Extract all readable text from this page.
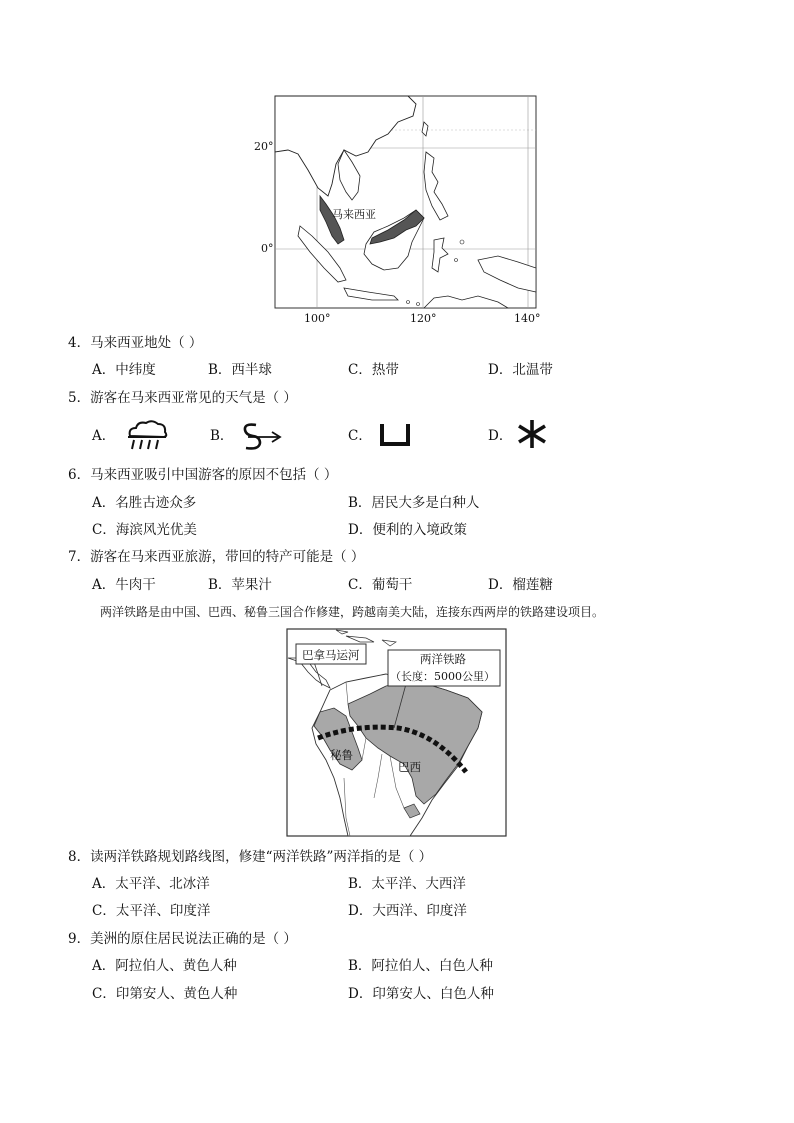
马来西亚
20°
0°
100°	120°	140°
4．马来西亚地处（ ）
A．中纬度	B．西半球	C．热带	D．北温带
5．游客在马来西亚常见的天气是（ ）
A．	B．	C．	D．
6．马来西亚吸引中国游客的原因不包括（ ）
A．名胜古迹众多	B．居民大多是白种人
C．海滨风光优美	D．便利的入境政策
7．游客在马来西亚旅游，带回的特产可能是（ ）
A．牛肉干	B．苹果汁	C．葡萄干	D．榴莲糖
两洋铁路是由中国、巴西、秘鲁三国合作修建，跨越南美大陆，连接东西两岸的铁路建设项目。
巴拿马运河	两洋铁路
（长度：5000公里）
秘鲁
巴西
8．读两洋铁路规划路线图，修建“两洋铁路”两洋指的是（ ）
A．太平洋、北冰洋	B．太平洋、大西洋
C．太平洋、印度洋	D．大西洋、印度洋
9．美洲的原住居民说法正确的是（ ）
A．阿拉伯人、黄色人种	B．阿拉伯人、白色人种
C．印第安人、黄色人种	D．印第安人、白色人种
